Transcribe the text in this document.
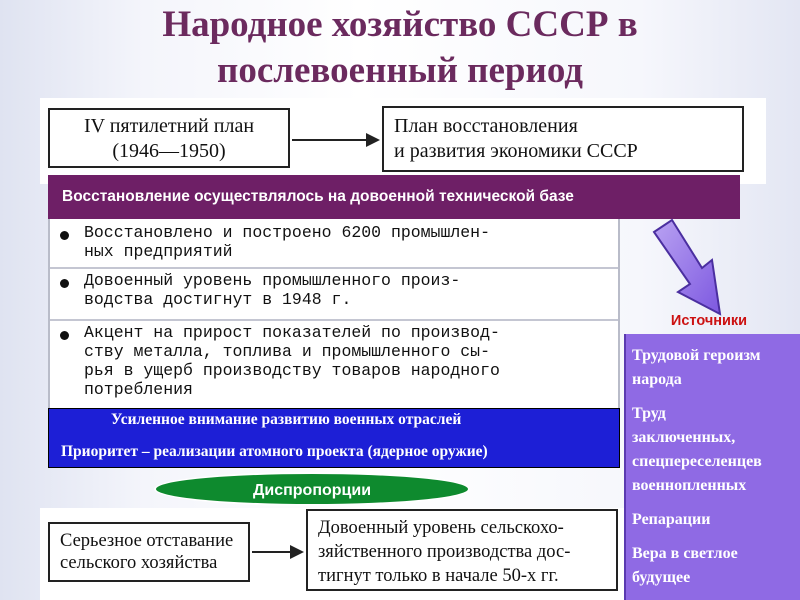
Народное хозяйство СССР в
послевоенный период
IV пятилетний план
(1946—1950)
План восстановления
и развития экономики СССР
Восстановление осуществлялось на довоенной технической базе
Восстановлено и построено 6200 промышлен-
ных предприятий
Довоенный уровень промышленного произ-
водства достигнут в 1948 г.
Акцент на прирост показателей по производ-
ству металла, топлива и промышленного сы-
рья в ущерб производству товаров народного
потребления
Усиленное внимание развитию военных отраслей
Приоритет – реализации атомного проекта (ядерное оружие)
Диспропорции
Серьезное отставание
сельского хозяйства
Довоенный уровень сельскохо-
зяйственного производства дос-
тигнут только в начале 50-х гг.
Источники
Трудовой героизм
народа
Труд
заключенных,
спецпереселенцев
военнопленных
Репарации
Вера в светлое
будущее
